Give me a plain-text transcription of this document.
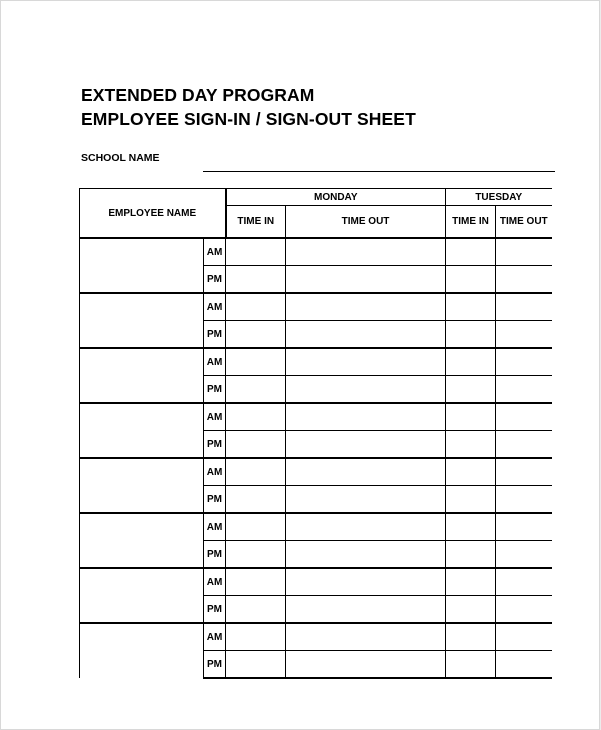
EXTENDED DAY PROGRAM
EMPLOYEE SIGN-IN / SIGN-OUT SHEET
SCHOOL NAME
EMPLOYEE NAME		MONDAY		TUESDAY	
		TIME IN	TIME OUT	TIME IN	TIME OUT
	AM				
	PM				
	AM				
	PM				
	AM				
	PM				
	AM				
	PM				
	AM				
	PM				
	AM				
	PM				
	AM				
	PM				
	AM				
	PM				
